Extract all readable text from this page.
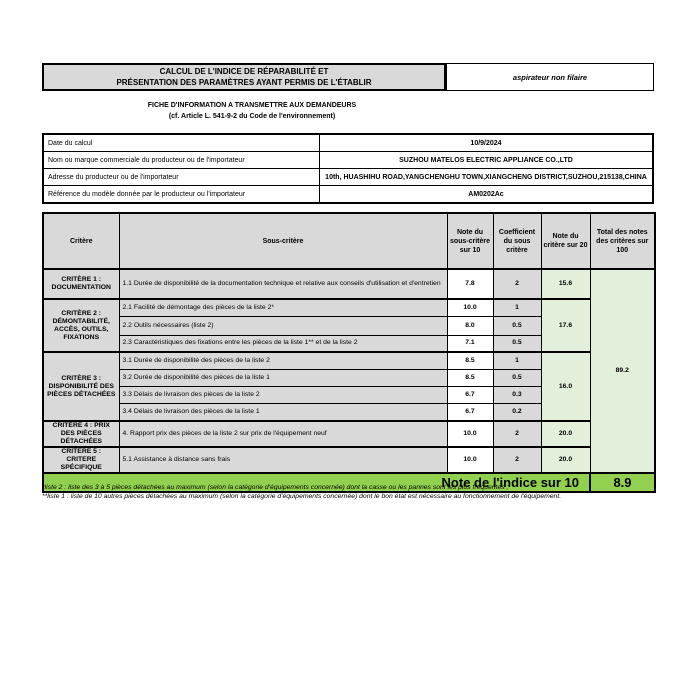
CALCUL DE L'INDICE DE RÉPARABILITÉ ET
PRÉSENTATION DES PARAMÈTRES AYANT PERMIS DE L'ÉTABLIR
aspirateur non filaire
FICHE D'INFORMATION A TRANSMETTRE AUX DEMANDEURS
(cf. Article L. 541-9-2 du Code de l'environnement)
Date du calcul	10/9/2024
Nom ou marque commerciale du producteur ou de l'importateur	SUZHOU MATELOS ELECTRIC APPLIANCE CO.,LTD
Adresse du producteur ou de l'importateur	10th, HUASHIHU ROAD,YANGCHENGHU TOWN,XIANGCHENG DISTRICT,SUZHOU,215138,CHINA
Référence du modèle donnée par le producteur ou l'importateur	AM0202Ac
Critère	Sous-critère	Note du sous-critère sur 10	Coefficient du sous critère	Note du critère sur 20	Total des notes des critères sur 100
CRITÈRE 1 : DOCUMENTATION	1.1 Durée de disponibilité de la documentation technique et relative aux conseils d'utilisation et d'entretien	7.8	2	15.6	89.2
CRITÈRE 2 : DÉMONTABILITÉ, ACCÈS, OUTILS, FIXATIONS	2.1 Facilité de démontage des pièces de la liste 2*	10.0	1	17.6	
	2.2 Outils nécessaires (liste 2)	8.0	0.5		
	2.3 Caractéristiques des fixations entre les pièces de la liste 1** et de la liste 2	7.1	0.5		
CRITÈRE 3 : DISPONIBILITÉ DES PIÈCES DÉTACHÉES	3.1 Durée de disponibilité des pièces de la liste 2	8.5	1	16.0	
	3.2 Durée de disponibilité des pièces de la liste 1	8.5	0.5		
	3.3 Délais de livraison des pièces de la liste 2	6.7	0.3		
	3.4 Délais de livraison des pièces de la liste 1	6.7	0.2		
CRITÈRE 4 : PRIX DES PIÈCES DÉTACHÉES	4. Rapport prix des pièces de la liste 2 sur prix de l'équipement neuf	10.0	2	20.0	
CRITERE 5 : CRITERE SPÉCIFIQUE	5.1 Assistance à distance sans frais	10.0	2	20.0	
Note de l'indice sur 10					8.9
*liste 2 : liste des 3 à 5 pièces détachées au maximum (selon la catégorie d'équipements concernée) dont la casse ou les pannes sont les plus fréquentes ;
**liste 1 : liste de 10 autres pièces détachées au maximum (selon la catégorie d'équipements concernée) dont le bon état est nécessaire au fonctionnement de l'équipement.
